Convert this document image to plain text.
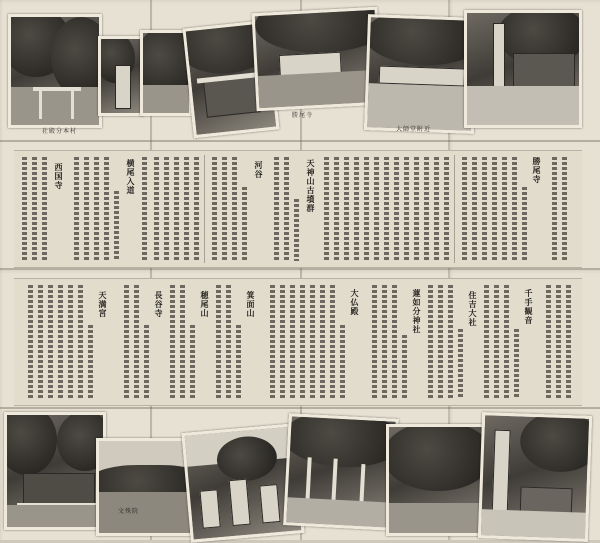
社殿分本村
勝尾寺
大師堂附近
勝尾寺
天神山古墳群
河谷
横尾入道
西国寺
千手観音
住吉大社
蓮如分神社
大仏殿
箕面山
穂尾山
長谷寺
天満宮
文殊院
